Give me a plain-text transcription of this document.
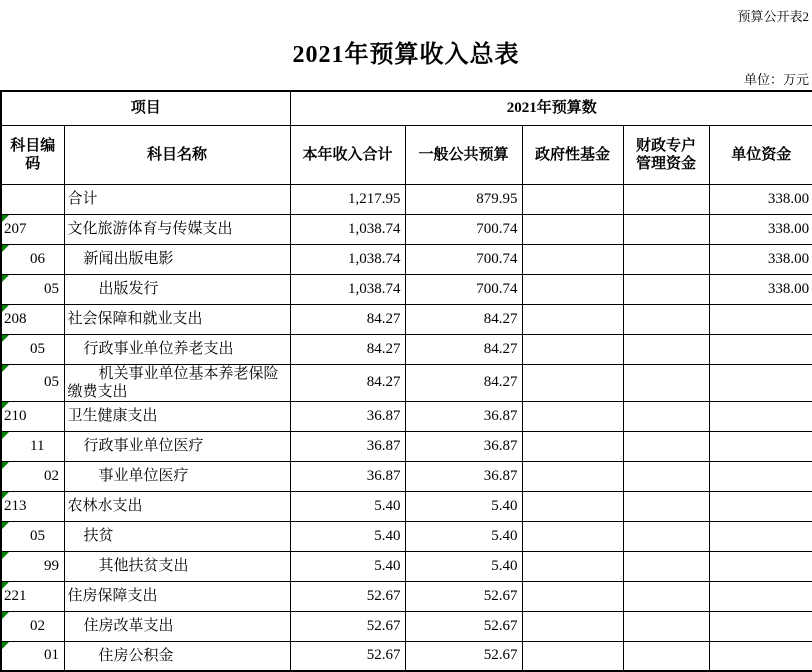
预算公开表2
2021年预算收入总表
单位：万元
项目		2021年预算数				
科目编码	科目名称	本年收入合计	一般公共预算	政府性基金	财政专户管理资金	单位资金
	合计	1,217.95	879.95			338.00

207	文化旅游体育与传媒支出	1,038.74	700.74			338.00

06	新闻出版电影	1,038.74	700.74			338.00

05	出版发行	1,038.74	700.74			338.00

208	社会保障和就业支出	84.27	84.27			

05	行政事业单位养老支出	84.27	84.27			

05	机关事业单位基本养老保险缴费支出	84.27	84.27			

210	卫生健康支出	36.87	36.87			

11	行政事业单位医疗	36.87	36.87			

02	事业单位医疗	36.87	36.87			

213	农林水支出	5.40	5.40			

05	扶贫	5.40	5.40			

99	其他扶贫支出	5.40	5.40			

221	住房保障支出	52.67	52.67			

02	住房改革支出	52.67	52.67			

01	住房公积金	52.67	52.67			
